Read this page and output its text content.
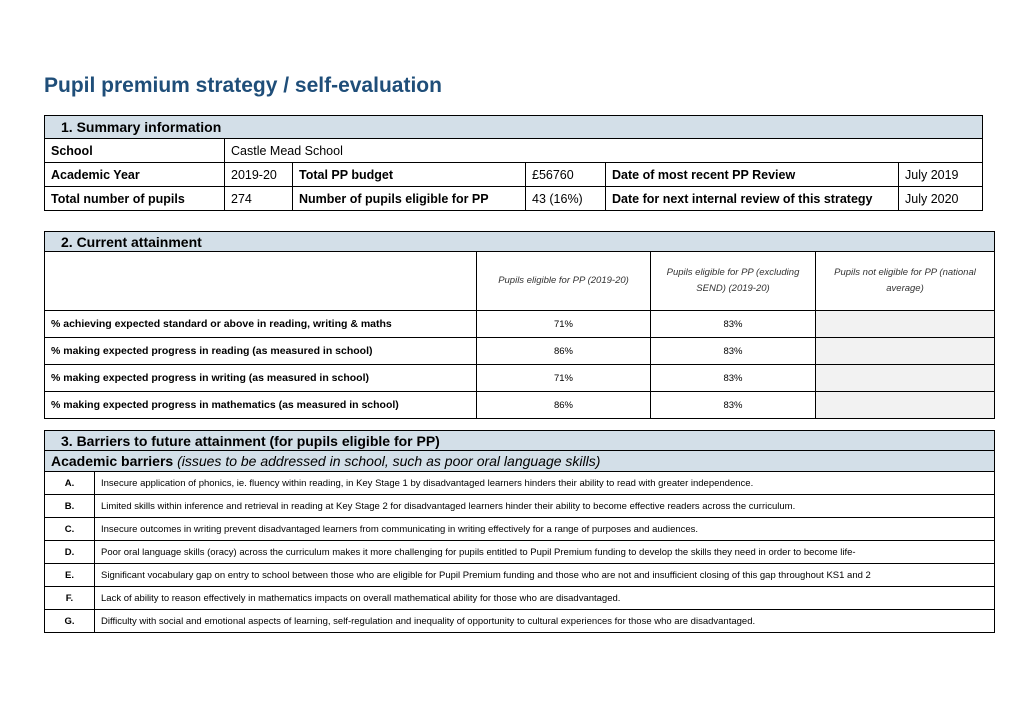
Pupil premium strategy / self-evaluation
1. Summary information					
School	Castle Mead School				
Academic Year	2019-20	Total PP budget	£56760	Date of most recent PP Review	July 2019
Total number of pupils	274	Number of pupils eligible for PP	43 (16%)	Date for next internal review of this strategy	July 2020
2. Current attainment			
	Pupils eligible for PP (2019-20)	Pupils eligible for PP (excluding SEND) (2019-20)	Pupils not eligible for PP (national average)
% achieving expected standard or above in reading, writing & maths	71%	83%	
% making expected progress in reading (as measured in school)	86%	83%	
% making expected progress in writing (as measured in school)	71%	83%	
% making expected progress in mathematics (as measured in school)	86%	83%	
3. Barriers to future attainment (for pupils eligible for PP)	
Academic barriers (issues to be addressed in school, such as poor oral language skills)	
A.	Insecure application of phonics, ie. fluency within reading, in Key Stage 1 by disadvantaged learners hinders their ability to read with greater independence.
B.	Limited skills within inference and retrieval in reading at Key Stage 2 for disadvantaged learners hinder their ability to become effective readers across the curriculum.
C.	Insecure outcomes in writing prevent disadvantaged learners from communicating in writing effectively for a range of purposes and audiences.
D.	Poor oral language skills (oracy) across the curriculum makes it more challenging for pupils entitled to Pupil Premium funding to develop the skills they need in order to become life-
E.	Significant vocabulary gap on entry to school between those who are eligible for Pupil Premium funding and those who are not and insufficient closing of this gap throughout KS1 and 2
F.	Lack of ability to reason effectively in mathematics impacts on overall mathematical ability for those who are disadvantaged.
G.	Difficulty with social and emotional aspects of learning, self-regulation and inequality of opportunity to cultural experiences for those who are disadvantaged.
